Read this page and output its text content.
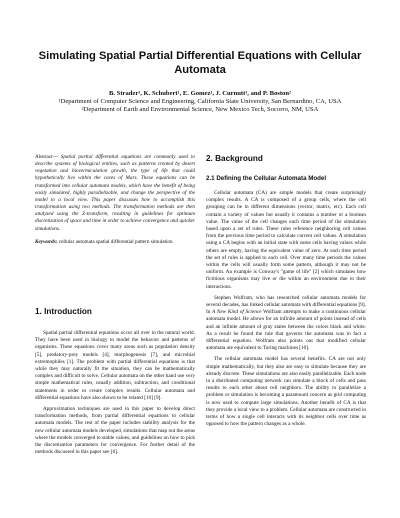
Simulating Spatial Partial Differential Equations with Cellular Automata
B. Strader¹, K. Schubert¹, E. Gomez¹, J. Curnutt¹, and P. Boston²
¹Department of Computer Science and Engineering, California State University, San Bernardino, CA, USA
²Department of Earth and Environmental Science, New Mexico Tech, Socorro, NM, USA
Abstract— Spatial partial differential equations are commonly used to describe systems of biological entities, such as patterns created by desert vegetation and biovermiculation growth, the type of life that could hypothetically live within the caves of Mars. These equations can be transformed into cellular automata models, which have the benefit of being easily simulated, highly parallelizable, and change the perspective of the model to a local view. This paper discusses how to accomplish this transformation using two methods. The transformation methods are then analyzed using the Z-transform, resulting in guidelines for optimum discretization of space and time in order to achieve convergence and quicker simulations.
Keywords: cellular automata spatial differential pattern simulation
1. Introduction

Spatial partial differential equations occur all over in the natural world. They have been used in biology to model the behavior and patterns of organisms. These equations cover many areas such as population density [5], predatory-prey models [4], morphogenesis [7], and microbial extremophiles [1]. The problem with partial differential equations is that while they may naturally fit the situation, they can be mathematically complex and difficult to solve. Cellular automata on the other hand use very simple mathematical rules, usually addition, subtraction, and conditional statements in order to create complex results. Cellular automata and differential equations have also shown to be related [10] [9].

Approximation techniques are used in this paper to develop direct transformation methods, from partial differential equations to cellular automata models. The rest of the paper includes stability analysis for the new cellular automata models developed, simulations that map out the areas where the models converged to stable values, and guidelines on how to pick the discretization parameters for convergence. For further detail of the methods discussed in this paper see [6].

2. Background
2.1 Defining the Cellular Automata Model

Cellular automata (CA) are simple models that create surprisingly complex results. A CA is composed of a group cells, where the cell grouping can be in different dimensions (vector, matrix, etc). Each cell contain a variety of values but usually it contains a number or a boolean value. The value of the cell changes each time period of the simulation based upon a set of rules. These rules reference neighboring cell values from the previous time period to calculate current cell values. A simulation using a CA begins with an initial state with some cells having values while others are empty, having the equivalent value of zero. At each time period the set of rules is applied to each cell. Over many time periods the values within the cells will usually form some pattern, although it may not be uniform. An example is Conway's "game of life" [2] which simulates how fictitious organisms may live or die within an environment due to their interactions.

Stephen Wolfram, who has researched cellular automata models for several decades, has linked cellular automata with differential equations [9]. In A New Kind of Science Wolfram attempts to make a continuous cellular automata model. He allows for an infinite amount of points instead of cells and an infinite amount of gray states between the colors black and white. As a result he found the rule that governs the automata was in fact a differential equation. Wolfram also points out that modified cellular automata are equivalent to Turing machines [10].

The cellular automata model has several benefits. CA are not only simple mathematically, but they also are easy to simulate because they are already discrete. These simulations are also easily parallelizable. Each node in a distributed computing network can simulate a block of cells and pass results to each other about cell neighbors. The ability to parallelize a problem or simulation is becoming a paramount concern as grid computing is now used to compute large simulations. Another benefit of CA is that they provide a local view to a problem. Cellular automata are constructed in terms of how a single cell interacts with its neighbor cells over time as opposed to how the pattern changes as a whole.
